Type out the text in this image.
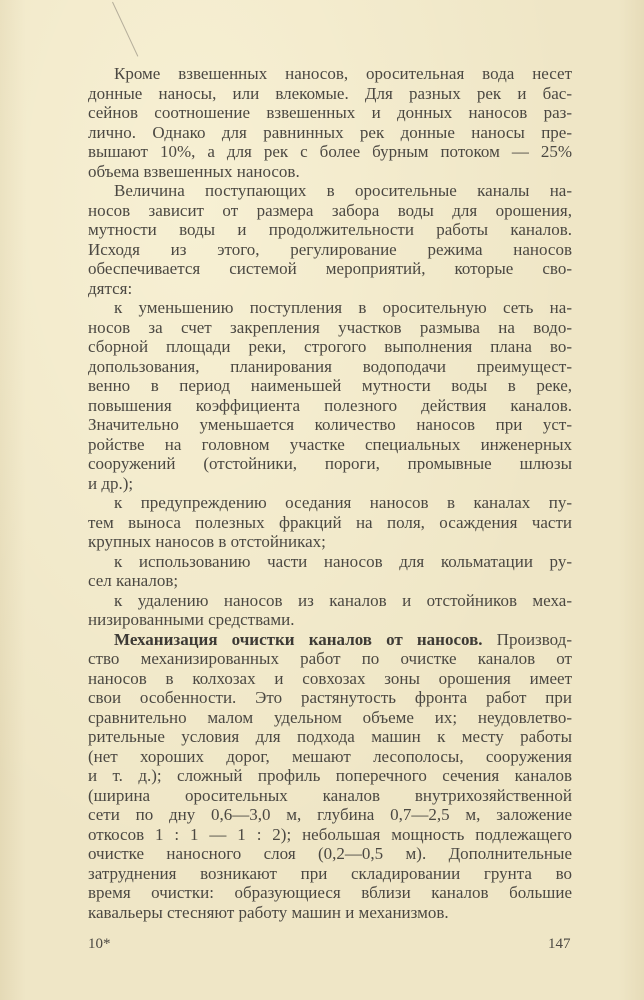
Кроме взвешенных наносов, оросительная вода несет
донные наносы, или влекомые. Для разных рек и бас-
сейнов соотношение взвешенных и донных наносов раз-
лично. Однако для равнинных рек донные наносы пре-
вышают 10%, а для рек с более бурным потоком — 25%
объема взвешенных наносов.
Величина поступающих в оросительные каналы на-
носов зависит от размера забора воды для орошения,
мутности воды и продолжительности работы каналов.
Исходя из этого, регулирование режима наносов
обеспечивается системой мероприятий, которые сво-
дятся:
к уменьшению поступления в оросительную сеть на-
носов за счет закрепления участков размыва на водо-
сборной площади реки, строгого выполнения плана во-
допользования, планирования водоподачи преимущест-
венно в период наименьшей мутности воды в реке,
повышения коэффициента полезного действия каналов.
Значительно уменьшается количество наносов при уст-
ройстве на головном участке специальных инженерных
сооружений (отстойники, пороги, промывные шлюзы
и др.);
к предупреждению оседания наносов в каналах пу-
тем выноса полезных фракций на поля, осаждения части
крупных наносов в отстойниках;
к использованию части наносов для кольматации ру-
сел каналов;
к удалению наносов из каналов и отстойников меха-
низированными средствами.
Механизация очистки каналов от наносов. Производ-
ство механизированных работ по очистке каналов от
наносов в колхозах и совхозах зоны орошения имеет
свои особенности. Это растянутость фронта работ при
сравнительно малом удельном объеме их; неудовлетво-
рительные условия для подхода машин к месту работы
(нет хороших дорог, мешают лесополосы, сооружения
и т. д.); сложный профиль поперечного сечения каналов
(ширина оросительных каналов внутрихозяйственной
сети по дну 0,6—3,0 м, глубина 0,7—2,5 м, заложение
откосов 1 : 1 — 1 : 2); небольшая мощность подлежащего
очистке наносного слоя (0,2—0,5 м). Дополнительные
затруднения возникают при складировании грунта во
время очистки: образующиеся вблизи каналов большие
кавальеры стесняют работу машин и механизмов.
10*	147
